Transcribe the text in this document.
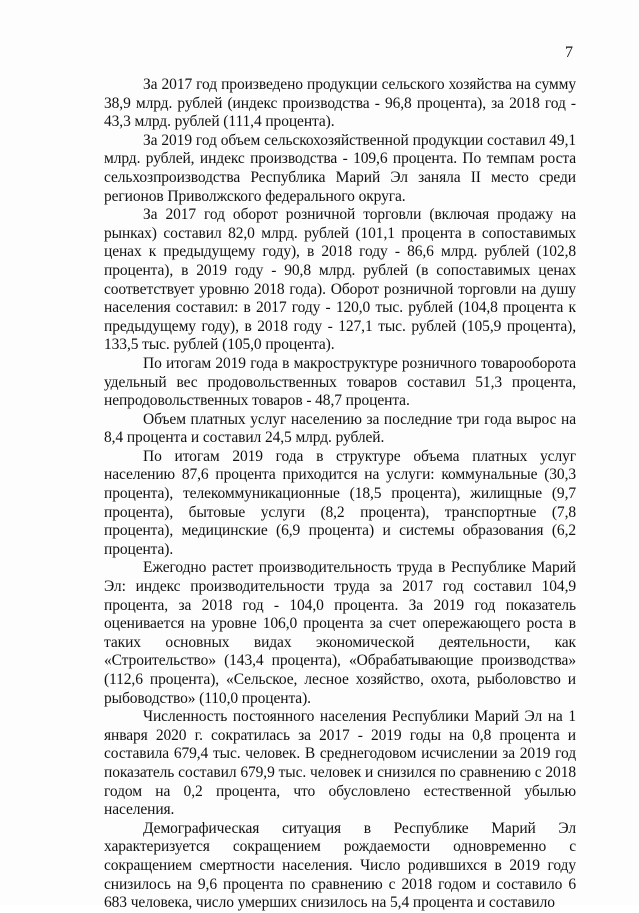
7

За 2017 год произведено продукции сельского хозяйства на сумму 38,9 млрд. рублей (индекс производства - 96,8 процента), за 2018 год - 43,3 млрд. рублей (111,4 процента).

За 2019 год объем сельскохозяйственной продукции составил 49,1 млрд. рублей, индекс производства - 109,6 процента. По темпам роста сельхозпроизводства Республика Марий Эл заняла II место среди регионов Приволжского федерального округа.

За 2017 год оборот розничной торговли (включая продажу на рынках) составил 82,0 млрд. рублей (101,1 процента в сопоставимых ценах к предыдущему году), в 2018 году - 86,6 млрд. рублей (102,8 процента), в 2019 году - 90,8 млрд. рублей (в сопоставимых ценах соответствует уровню 2018 года). Оборот розничной торговли на душу населения составил: в 2017 году - 120,0 тыс. рублей (104,8 процента к предыдущему году), в 2018 году - 127,1 тыс. рублей (105,9 процента), 133,5 тыс. рублей (105,0 процента).

По итогам 2019 года в макроструктуре розничного товарооборота удельный вес продовольственных товаров составил 51,3 процента, непродовольственных товаров - 48,7 процента.

Объем платных услуг населению за последние три года вырос на 8,4 процента и составил 24,5 млрд. рублей.

По итогам 2019 года в структуре объема платных услуг населению 87,6 процента приходится на услуги: коммунальные (30,3 процента), телекоммуникационные (18,5 процента), жилищные (9,7 процента), бытовые услуги (8,2 процента), транспортные (7,8 процента), медицинские (6,9 процента) и системы образования (6,2 процента).

Ежегодно растет производительность труда в Республике Марий Эл: индекс производительности труда за 2017 год составил 104,9 процента, за 2018 год - 104,0 процента. За 2019 год показатель оценивается на уровне 106,0 процента за счет опережающего роста в таких основных видах экономической деятельности, как «Строительство» (143,4 процента), «Обрабатывающие производства» (112,6 процента), «Сельское, лесное хозяйство, охота, рыболовство и рыбоводство» (110,0 процента).

Численность постоянного населения Республики Марий Эл на 1 января 2020 г. сократилась за 2017 - 2019 годы на 0,8 процента и составила 679,4 тыс. человек. В среднегодовом исчислении за 2019 год показатель составил 679,9 тыс. человек и снизился по сравнению с 2018 годом на 0,2 процента, что обусловлено естественной убылью населения.

Демографическая ситуация в Республике Марий Эл характеризуется сокращением рождаемости одновременно с сокращением смертности населения. Число родившихся в 2019 году снизилось на 9,6 процента по сравнению с 2018 годом и составило 6 683 человека, число умерших снизилось на 5,4 процента и составило
